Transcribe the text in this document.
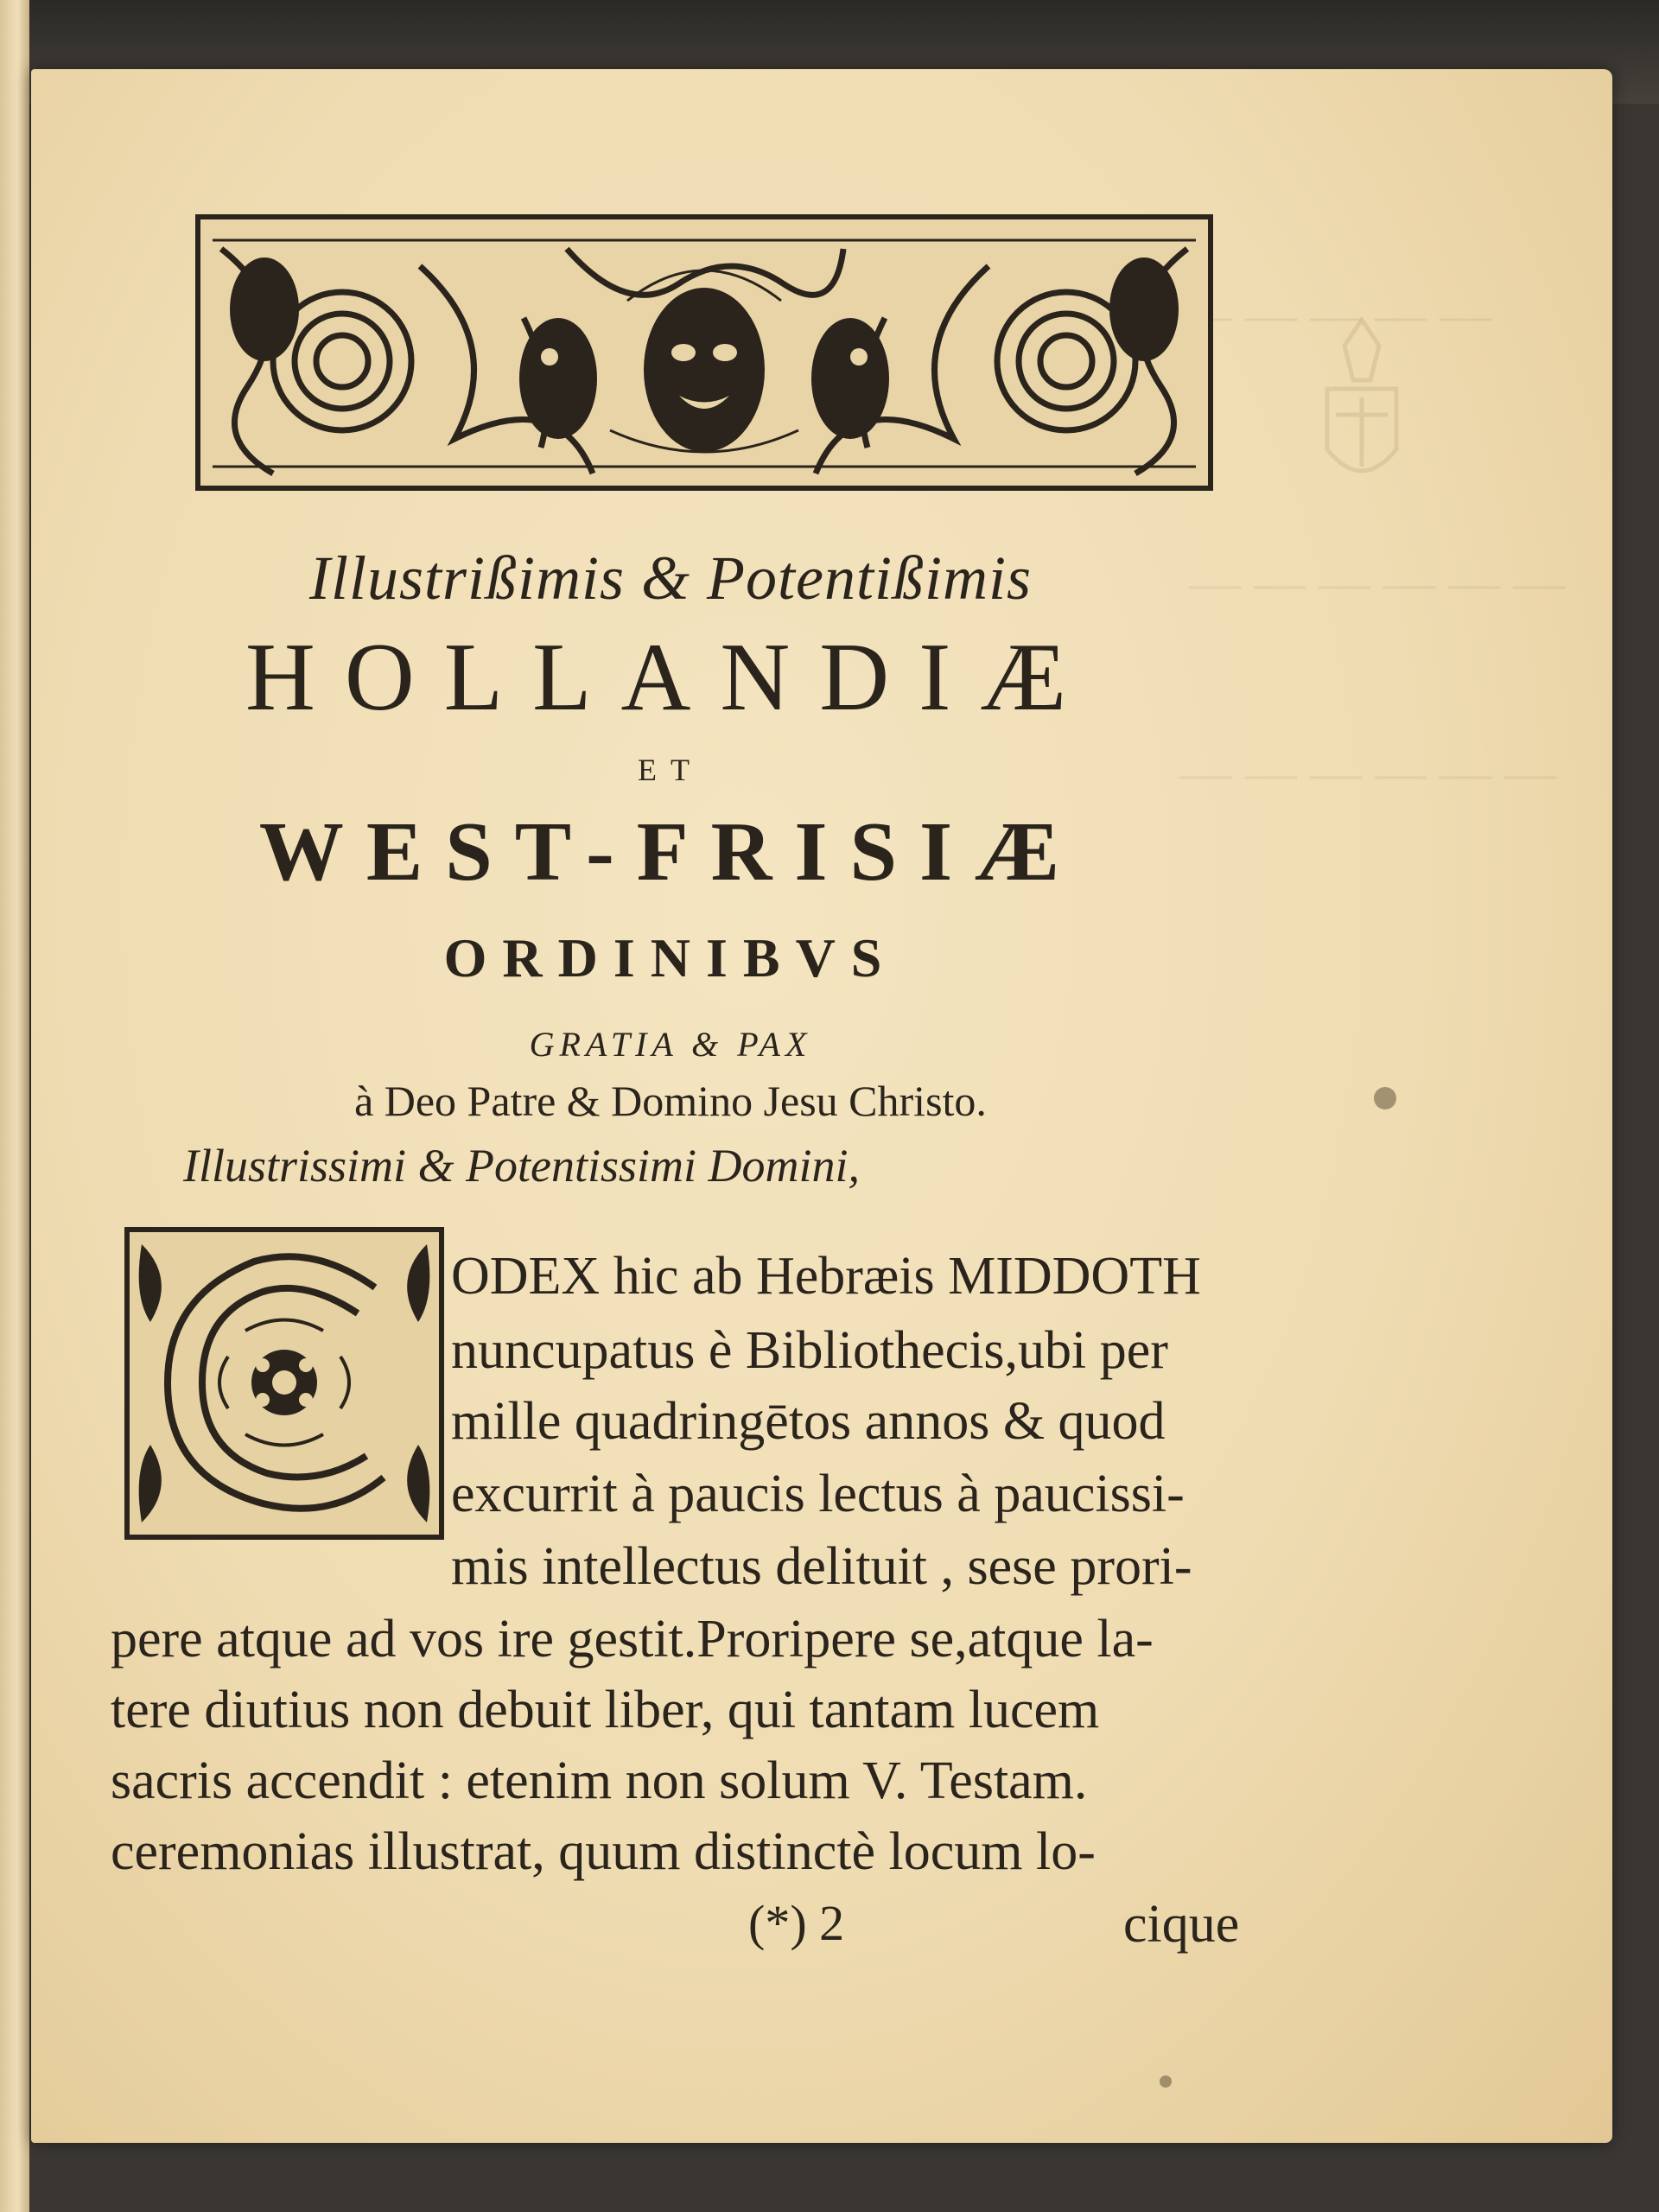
— — — — —
— — — — — —
— — — — — —

Illustrißimis & Potentißimis

HOLLANDIÆ

ET

WEST-FRISIÆ
ORDINIBVS

GRATIA & PAX

à Deo Patre & Domino Jesu Christo.

Illustrissimi & Potentissimi Domini,

ODEX hic ab Hebræis MIDDOTH

nuncupatus è Bibliothecis,ubi per

mille quadringētos annos & quod

excurrit à paucis lectus à paucissi-

mis intellectus delituit , sese prori-

pere atque ad vos ire gestit.Proripere se,atque la-

tere diutius non debuit liber, qui tantam lucem

sacris accendit : etenim non solum V. Testam.

ceremonias illustrat, quum distinctè locum lo-

(*) 2	cique
